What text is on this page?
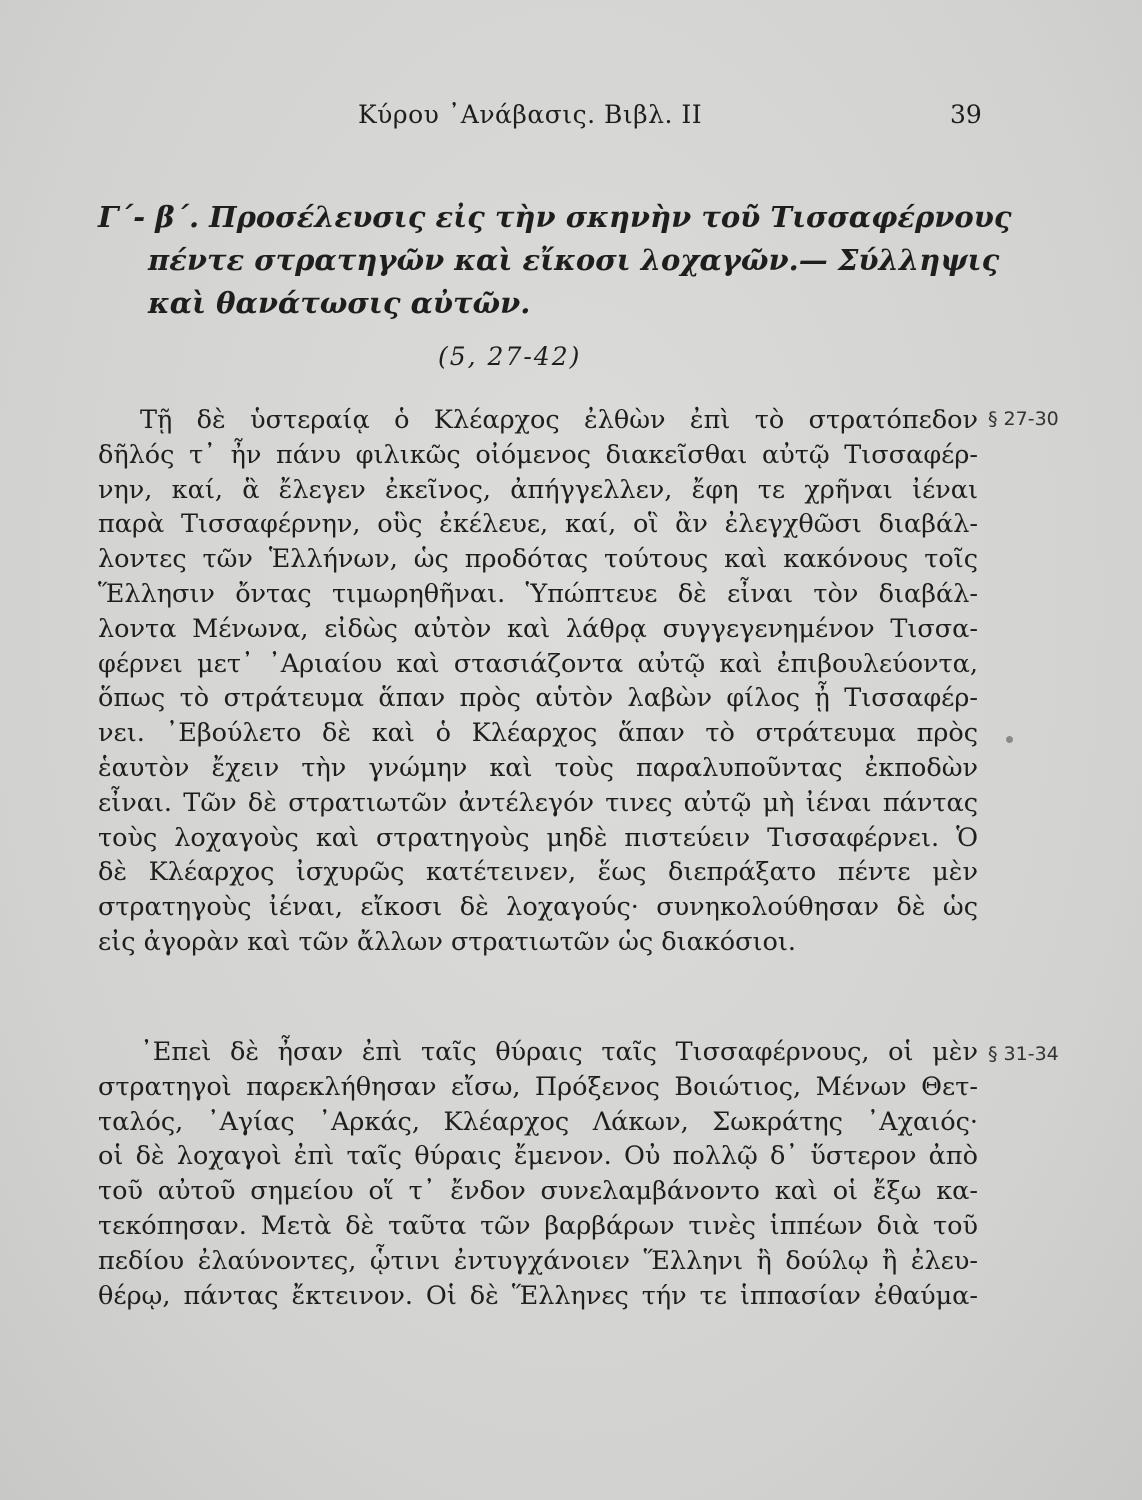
Κύρου ᾽Ανάβασις. Βιβλ. II	39
Γ΄- β΄. Προσέλευσις εἰς τὴν σκηνὴν τοῦ Τισσαφέρνους
πέντε στρατηγῶν καὶ εἴκοσι λοχαγῶν.— Σύλληψις
καὶ θανάτωσις αὐτῶν.
(5, 27-42)
Τῇ δὲ ὑστεραίᾳ ὁ Κλέαρχος ἐλθὼν ἐπὶ τὸ στρατόπεδον
δῆλός τ᾽ ἦν πάνυ φιλικῶς οἰόμενος διακεῖσθαι αὐτῷ Τισσαφέρ-
νην, καί, ἃ ἔλεγεν ἐκεῖνος, ἀπήγγελλεν, ἔφη τε χρῆναι ἰέναι
παρὰ Τισσαφέρνην, οὓς ἐκέλευε, καί, οἳ ἂν ἐλεγχθῶσι διαβάλ-
λοντες τῶν Ἑλλήνων, ὡς προδότας τούτους καὶ κακόνους τοῖς
Ἕλλησιν ὄντας τιμωρηθῆναι. Ὑπώπτευε δὲ εἶναι τὸν διαβάλ-
λοντα Μένωνα, εἰδὼς αὐτὸν καὶ λάθρᾳ συγγεγενημένον Τισσα-
φέρνει μετ᾽ ᾽Αριαίου καὶ στασιάζοντα αὐτῷ καὶ ἐπιβουλεύοντα,
ὅπως τὸ στράτευμα ἅπαν πρὸς αὑτὸν λαβὼν φίλος ᾖ Τισσαφέρ-
νει. ᾽Εβούλετο δὲ καὶ ὁ Κλέαρχος ἅπαν τὸ στράτευμα πρὸς
ἑαυτὸν ἔχειν τὴν γνώμην καὶ τοὺς παραλυποῦντας ἐκποδὼν
εἶναι. Τῶν δὲ στρατιωτῶν ἀντέλεγόν τινες αὐτῷ μὴ ἰέναι πάντας
τοὺς λοχαγοὺς καὶ στρατηγοὺς μηδὲ πιστεύειν Τισσαφέρνει. Ὁ
δὲ Κλέαρχος ἰσχυρῶς κατέτεινεν, ἕως διεπράξατο πέντε μὲν
στρατηγοὺς ἰέναι, εἴκοσι δὲ λοχαγούς· συνηκολούθησαν δὲ ὡς
εἰς ἀγορὰν καὶ τῶν ἄλλων στρατιωτῶν ὡς διακόσιοι.
᾽Επεὶ δὲ ἦσαν ἐπὶ ταῖς θύραις ταῖς Τισσαφέρνους, οἱ μὲν
στρατηγοὶ παρεκλήθησαν εἴσω, Πρόξενος Βοιώτιος, Μένων Θετ-
ταλός, ᾽Αγίας ᾽Αρκάς, Κλέαρχος Λάκων, Σωκράτης ᾽Αχαιός·
οἱ δὲ λοχαγοὶ ἐπὶ ταῖς θύραις ἔμενον. Οὐ πολλῷ δ᾽ ὕστερον ἀπὸ
τοῦ αὐτοῦ σημείου οἵ τ᾽ ἔνδον συνελαμβάνοντο καὶ οἱ ἔξω κα-
τεκόπησαν. Μετὰ δὲ ταῦτα τῶν βαρβάρων τινὲς ἱππέων διὰ τοῦ
πεδίου ἐλαύνοντες, ᾧτινι ἐντυγχάνοιεν Ἕλληνι ἢ δούλῳ ἢ ἐλευ-
θέρῳ, πάντας ἔκτεινον. Οἱ δὲ Ἕλληνες τήν τε ἱππασίαν ἐθαύμα-
§ 27-30
§ 31-34
